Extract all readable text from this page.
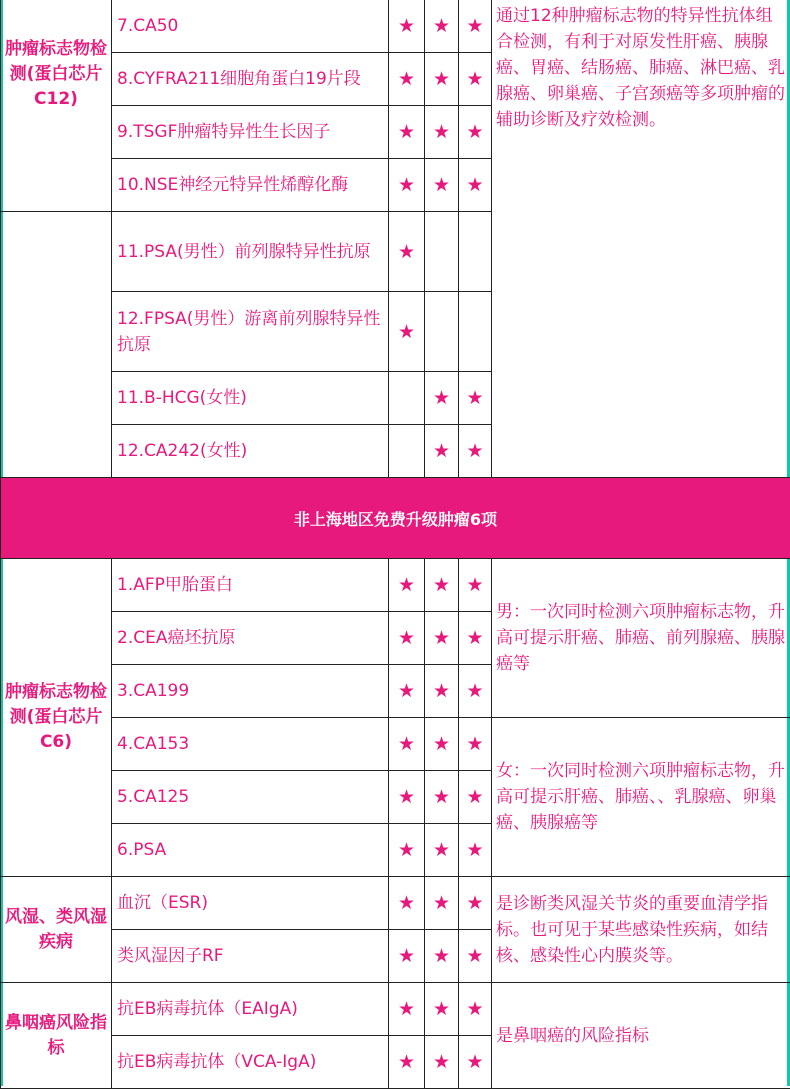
肿瘤标志物检测(蛋白芯片C12)	7.CA50	★	★	★	通过12种肿瘤标志物的特异性抗体组合检测，有利于对原发性肝癌、胰腺癌、胃癌、结肠癌、肺癌、淋巴癌、乳腺癌、卵巢癌、子宫颈癌等多项肿瘤的辅助诊断及疗效检测。
	8.CYFRA211细胞角蛋白19片段	★	★	★	
	9.TSGF肿瘤特异性生长因子	★	★	★	
	10.NSE神经元特异性烯醇化酶	★	★	★	
	11.PSA(男性）前列腺特异性抗原	★			
	12.FPSA(男性）游离前列腺特异性抗原	★			
	11.B-HCG(女性)		★	★	
	12.CA242(女性)		★	★	
非上海地区免费升级肿瘤6项					
肿瘤标志物检测(蛋白芯片C6)	1.AFP甲胎蛋白	★	★	★	男：一次同时检测六项肿瘤标志物，升高可提示肝癌、肺癌、前列腺癌、胰腺癌等
	2.CEA癌坯抗原	★	★	★	
	3.CA199	★	★	★	
	4.CA153	★	★	★	女：一次同时检测六项肿瘤标志物，升高可提示肝癌、肺癌、、乳腺癌、卵巢癌、胰腺癌等
	5.CA125	★	★	★	
	6.PSA	★	★	★	
风湿、类风湿疾病	血沉（ESR)	★	★	★	是诊断类风湿关节炎的重要血清学指标。也可见于某些感染性疾病，如结核、感染性心内膜炎等。
	类风湿因子RF	★	★	★	
鼻咽癌风险指标	抗EB病毒抗体（EAIgA)	★	★	★	是鼻咽癌的风险指标
	抗EB病毒抗体（VCA-IgA)	★	★	★	
